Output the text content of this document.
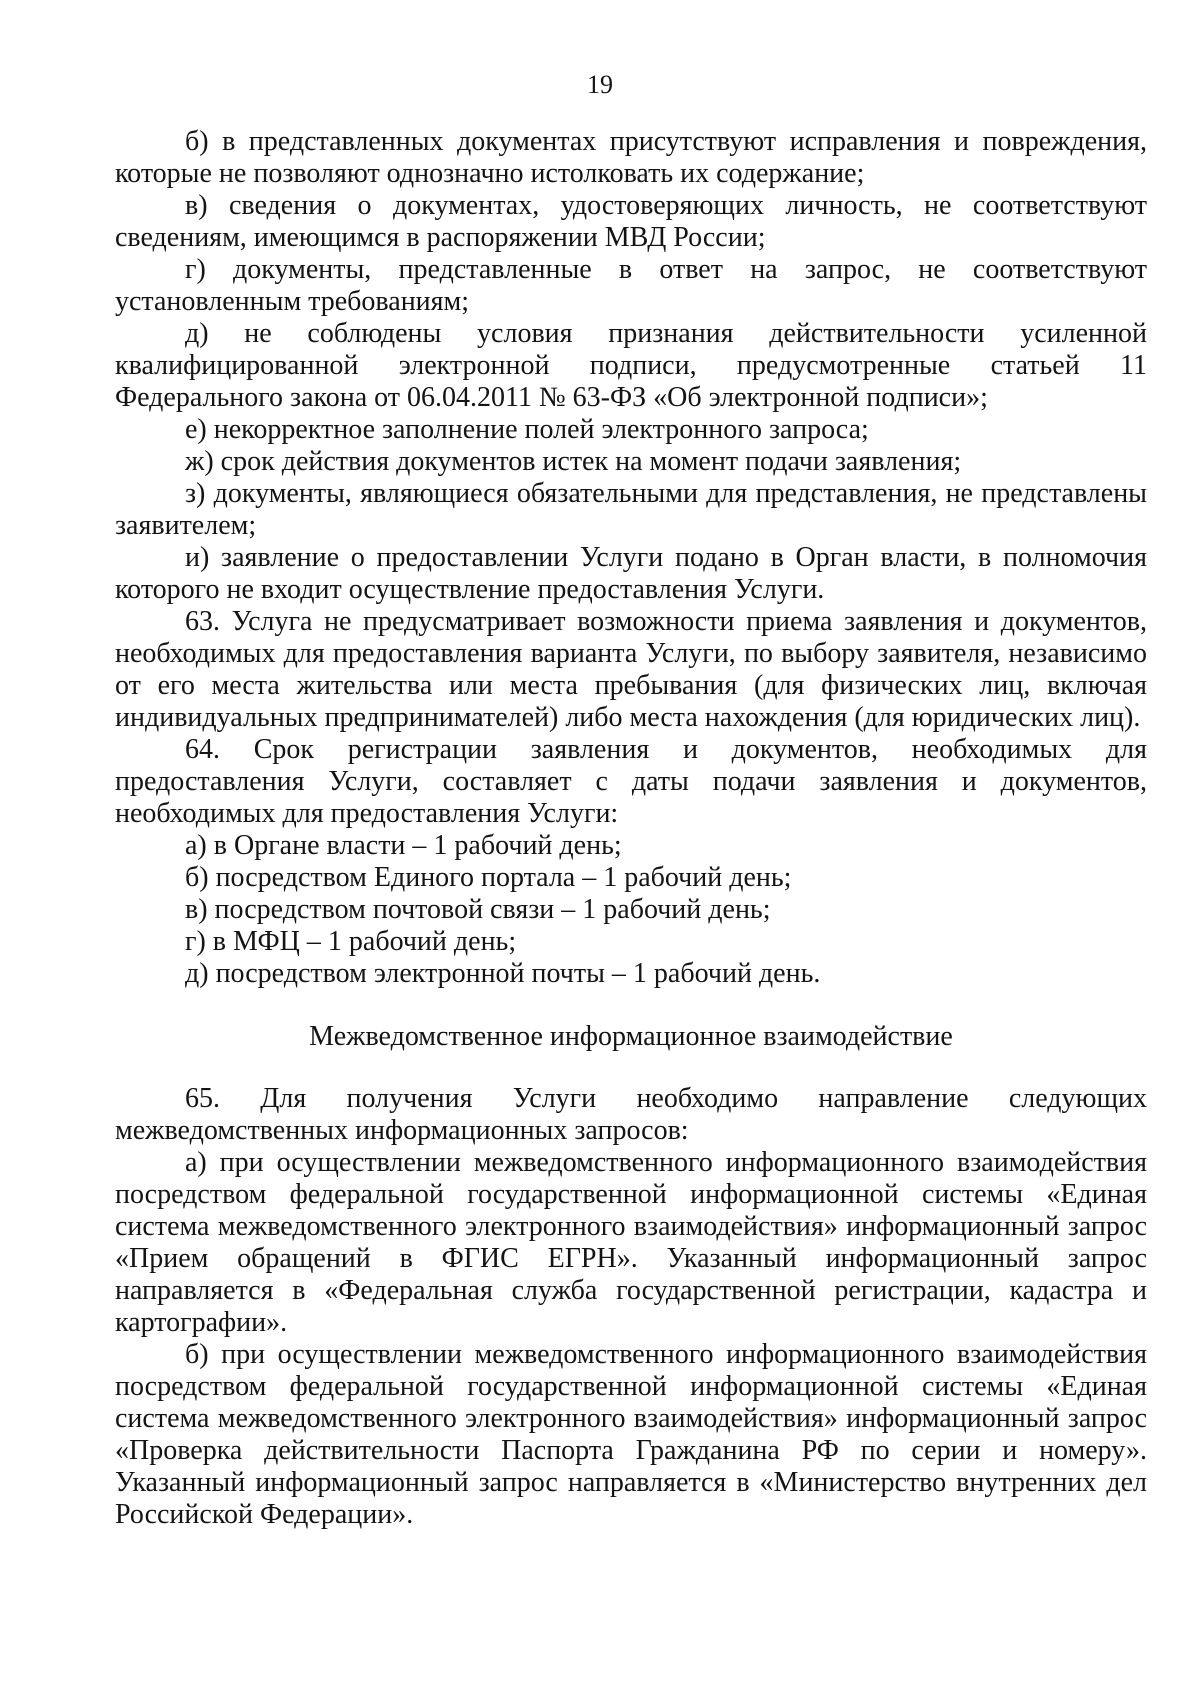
19

б) в представленных документах присутствуют исправления и повреждения, которые не позволяют однозначно истолковать их содержание;

в) сведения о документах, удостоверяющих личность, не соответствуют сведениям, имеющимся в распоряжении МВД России;

г) документы, представленные в ответ на запрос, не соответствуют установленным требованиям;

д) не соблюдены условия признания действительности усиленной квалифицированной электронной подписи, предусмотренные статьей 11 Федерального закона от 06.04.2011 № 63-ФЗ «Об электронной подписи»;

е) некорректное заполнение полей электронного запроса;

ж) срок действия документов истек на момент подачи заявления;

з) документы, являющиеся обязательными для представления, не представлены заявителем;

и) заявление о предоставлении Услуги подано в Орган власти, в полномочия которого не входит осуществление предоставления Услуги.

63. Услуга не предусматривает возможности приема заявления и документов, необходимых для предоставления варианта Услуги, по выбору заявителя, независимо от его места жительства или места пребывания (для физических лиц, включая индивидуальных предпринимателей) либо места нахождения (для юридических лиц).

64. Срок регистрации заявления и документов, необходимых для предоставления Услуги, составляет с даты подачи заявления и документов, необходимых для предоставления Услуги:

а) в Органе власти – 1 рабочий день;

б) посредством Единого портала – 1 рабочий день;

в) посредством почтовой связи – 1 рабочий день;

г) в МФЦ – 1 рабочий день;

д) посредством электронной почты – 1 рабочий день.

Межведомственное информационное взаимодействие

65. Для получения Услуги необходимо направление следующих межведомственных информационных запросов:

а) при осуществлении межведомственного информационного взаимодействия посредством федеральной государственной информационной системы «Единая система межведомственного электронного взаимодействия» информационный запрос «Прием обращений в ФГИС ЕГРН». Указанный информационный запрос направляется в «Федеральная служба государственной регистрации, кадастра и картографии».

б) при осуществлении межведомственного информационного взаимодействия посредством федеральной государственной информационной системы «Единая система межведомственного электронного взаимодействия» информационный запрос «Проверка действительности Паспорта Гражданина РФ по серии и номеру». Указанный информационный запрос направляется в «Министерство внутренних дел Российской Федерации».
